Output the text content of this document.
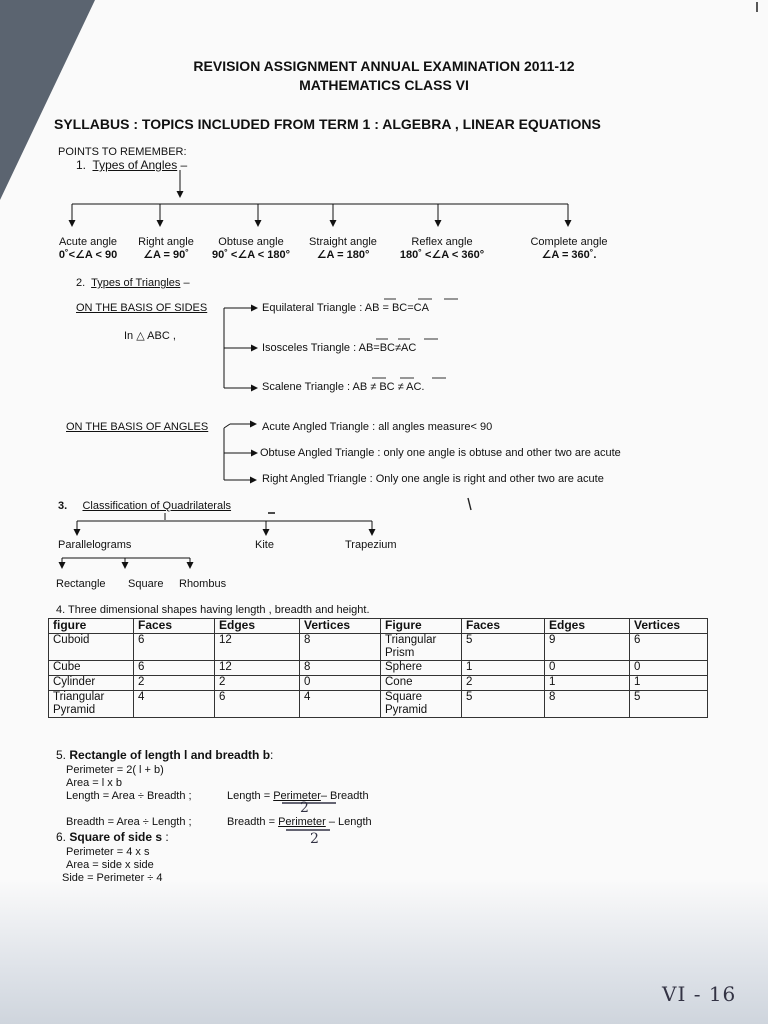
REVISION ASSIGNMENT ANNUAL EXAMINATION 2011-12
MATHEMATICS CLASS VI
SYLLABUS : TOPICS INCLUDED FROM TERM 1 : ALGEBRA , LINEAR EQUATIONS
POINTS TO REMEMBER:
1. Types of Angles –
Acute angle
0˚<∠A < 90
Right angle
∠A = 90˚
Obtuse angle
90˚ <∠A < 180°
Straight angle
∠A = 180°
Reflex angle
180˚ <∠A < 360°
Complete angle
∠A = 360˚.
2. Types of Triangles –
ON THE BASIS OF SIDES
In △ ABC ,
Equilateral Triangle : AB = BC=CA
Isosceles Triangle : AB=BC≠AC
Scalene Triangle : AB ≠ BC ≠ AC.
ON THE BASIS OF ANGLES	Acute Angled Triangle : all angles measure< 90
Obtuse Angled Triangle : only one angle is obtuse and other two are acute
Right Angled Triangle : Only one angle is right and other two are acute
3. Classification of Quadrilaterals
Parallelograms	Kite	Trapezium
Rectangle Square Rhombus
4. Three dimensional shapes having length , breadth and height.
figure	Faces	Edges	Vertices	Figure	Faces	Edges	Vertices
Cuboid	6	12	8	Triangular Prism	5	9	6
Cube	6	12	8	Sphere	1	0	0
Cylinder	2	2	0	Cone	2	1	1
Triangular Pyramid	4	6	4	Square Pyramid	5	8	5
5. Rectangle of length l and breadth b:
Perimeter = 2( l + b)
Area = l x b
Length = Area ÷ Breadth ;	Length = Perimeter– Breadth
2
Breadth = Area ÷ Length ;	Breadth = Perimeter – Length
2
6. Square of side s :
Perimeter = 4 x s
Area = side x side
Side = Perimeter ÷ 4
VI - 16
